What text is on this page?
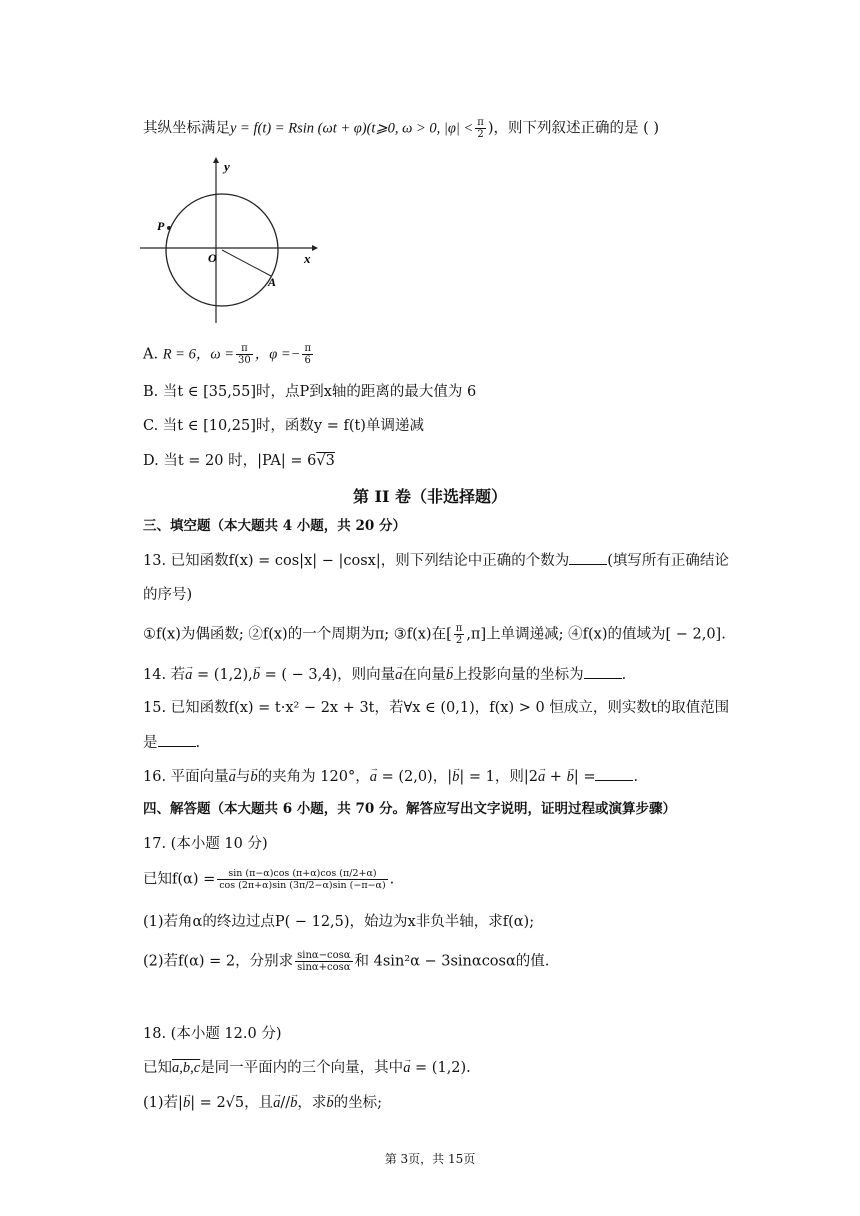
其纵坐标满足y = f(t) = Rsin (ωt + φ)(t⩾0, ω > 0, $|\varphi| < \frac{\pi}{2}$ )，则下列叙述正确的是 ( )
y
x
O
P
A
A. R = 6，$\omega = \frac{\pi}{30}$ ，$\varphi =- \frac{\pi}{6}$
B. 当t ∈ [35,55]时，点P到x轴的距离的最大值为 6
C. 当t ∈ [10,25]时，函数y = f(t)单调递减
D. 当t = 20 时，|PA| = 6√3
第 II 卷（非选择题）
三、填空题（本大题共 4 小题，共 20 分）
13. 已知函数f(x) = cos|x| − |cosx|，则下列结论中正确的个数为	(填写所有正确结论
的序号)
①f(x)为偶函数; ②f(x)的一个周期为π; ③f(x)在[ $\frac{\pi}{2} ,\pi$]上单调递减; ④f(x)的值域为[ − 2,0].
14. 若→ a = (1,2),→ b = ( − 3,4)，则向量→ a在向量→ b上投影向量的坐标为	.
15. 已知函数f(x) = t·x² − 2x + 3t，若∀x ∈ (0,1)，f(x) > 0 恒成立，则实数t的取值范围
是	.
16. 平面向量→ a与→ b的夹角为 120°，→ a = (2,0)，|→ b| = 1，则|2→ a + → b| =	.
四、解答题（本大题共 6 小题，共 70 分。解答应写出文字说明，证明过程或演算步骤）
17. (本小题 10 分)
已知$f(\alpha) = \frac{\sin (\pi-\alpha)\cos (\pi+\alpha)\cos (\pi/2+\alpha)}{\cos (2\pi+\alpha)\sin (3\pi/2-\alpha)\sin (-\pi-\alpha)}$ .
(1)若角α的终边过点P( − 12,5)，始边为x非负半轴，求f(α);
(2)若f(α) = 2，分别求 $\frac{\sin\alpha-\cos\alpha}{\sin\alpha+\cos\alpha}$ 和 4sin²α − 3sinαcosα的值.
18. (本小题 12.0 分)
已知a,b,c是同一平面内的三个向量，其中→ a = (1,2).
(1)若|→ b| = 2√5，且→ a//→ b，求→ b的坐标;
第 3页，共 15页
